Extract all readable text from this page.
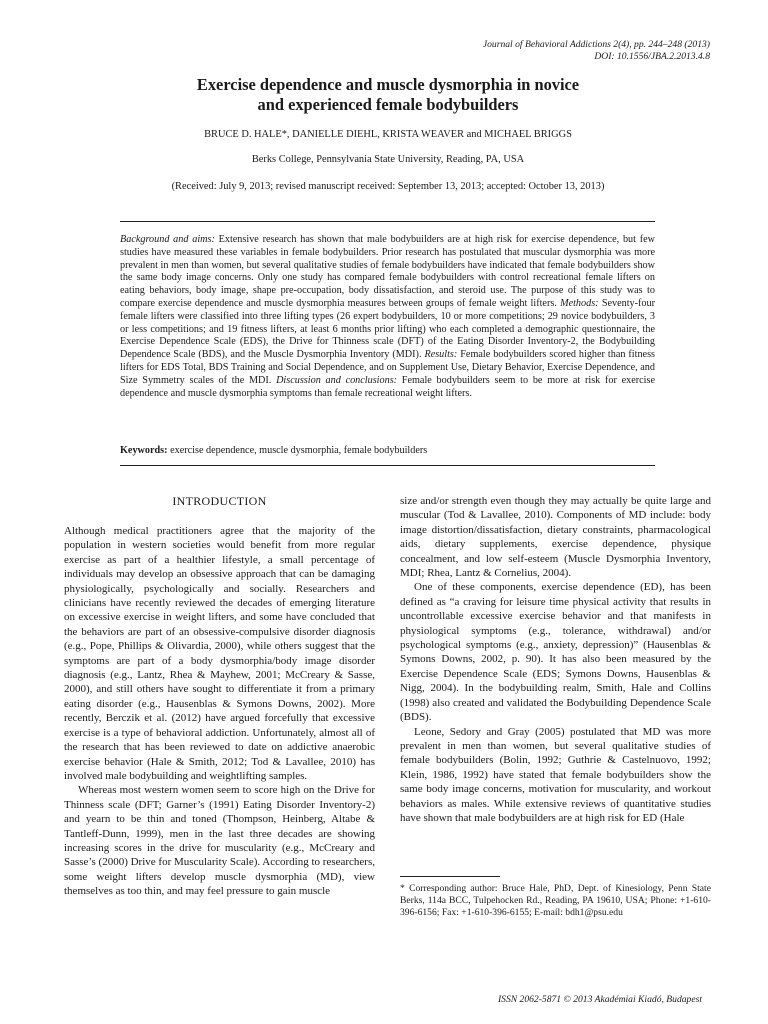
Journal of Behavioral Addictions 2(4), pp. 244–248 (2013)
DOI: 10.1556/JBA.2.2013.4.8
Exercise dependence and muscle dysmorphia in novice
and experienced female bodybuilders
BRUCE D. HALE*, DANIELLE DIEHL, KRISTA WEAVER and MICHAEL BRIGGS
Berks College, Pennsylvania State University, Reading, PA, USA
(Received: July 9, 2013; revised manuscript received: September 13, 2013; accepted: October 13, 2013)

Background and aims: Extensive research has shown that male bodybuilders are at high risk for exercise dependence, but few studies have measured these variables in female bodybuilders. Prior research has postulated that muscular dysmorphia was more prevalent in men than women, but several qualitative studies of female bodybuilders have indicated that female bodybuilders show the same body image concerns. Only one study has compared female bodybuilders with control recreational female lifters on eating behaviors, body image, shape pre-occupation, body dissatisfaction, and steroid use. The purpose of this study was to compare exercise dependence and muscle dysmorphia measures between groups of female weight lifters. Methods: Seventy-four female lifters were classified into three lifting types (26 expert bodybuilders, 10 or more competitions; 29 novice bodybuilders, 3 or less competitions; and 19 fitness lifters, at least 6 months prior lifting) who each completed a demographic questionnaire, the Exercise Dependence Scale (EDS), the Drive for Thinness scale (DFT) of the Eating Disorder Inventory-2, the Bodybuilding Dependence Scale (BDS), and the Muscle Dysmorphia Inventory (MDI). Results: Female bodybuilders scored higher than fitness lifters for EDS Total, BDS Training and Social Dependence, and on Supplement Use, Dietary Behavior, Exercise Dependence, and Size Symmetry scales of the MDI. Discussion and conclusions: Female bodybuilders seem to be more at risk for exercise dependence and muscle dysmorphia symptoms than female recreational weight lifters.

Keywords: exercise dependence, muscle dysmorphia, female bodybuilders
INTRODUCTION

Although medical practitioners agree that the majority of the population in western societies would benefit from more regular exercise as part of a healthier lifestyle, a small percentage of individuals may develop an obsessive approach that can be damaging physiologically, psychologically and socially. Researchers and clinicians have recently reviewed the decades of emerging literature on excessive exercise in weight lifters, and some have concluded that the behaviors are part of an obsessive-compulsive disorder diagnosis (e.g., Pope, Phillips & Olivardia, 2000), while others suggest that the symptoms are part of a body dysmorphia/body image disorder diagnosis (e.g., Lantz, Rhea & Mayhew, 2001; McCreary & Sasse, 2000), and still others have sought to differentiate it from a primary eating disorder (e.g., Hausenblas & Symons Downs, 2002). More recently, Berczik et al. (2012) have argued forcefully that excessive exercise is a type of behavioral addiction. Unfortunately, almost all of the research that has been reviewed to date on addictive anaerobic exercise behavior (Hale & Smith, 2012; Tod & Lavallee, 2010) has involved male bodybuilding and weightlifting samples.

Whereas most western women seem to score high on the Drive for Thinness scale (DFT; Garner’s (1991) Eating Disorder Inventory-2) and yearn to be thin and toned (Thompson, Heinberg, Altabe & Tantleff-Dunn, 1999), men in the last three decades are showing increasing scores in the drive for muscularity (e.g., McCreary and Sasse’s (2000) Drive for Muscularity Scale). According to researchers, some weight lifters develop muscle dysmorphia (MD), view themselves as too thin, and may feel pressure to gain muscle

size and/or strength even though they may actually be quite large and muscular (Tod & Lavallee, 2010). Components of MD include: body image distortion/dissatisfaction, dietary constraints, pharmacological aids, dietary supplements, exercise dependence, physique concealment, and low self-esteem (Muscle Dysmorphia Inventory, MDI; Rhea, Lantz & Cornelius, 2004).

One of these components, exercise dependence (ED), has been defined as “a craving for leisure time physical activity that results in uncontrollable excessive exercise behavior and that manifests in physiological symptoms (e.g., tolerance, withdrawal) and/or psychological symptoms (e.g., anxiety, depression)” (Hausenblas & Symons Downs, 2002, p. 90). It has also been measured by the Exercise Dependence Scale (EDS; Symons Downs, Hausenblas & Nigg, 2004). In the bodybuilding realm, Smith, Hale and Collins (1998) also created and validated the Bodybuilding Dependence Scale (BDS).

Leone, Sedory and Gray (2005) postulated that MD was more prevalent in men than women, but several qualitative studies of female bodybuilders (Bolin, 1992; Guthrie & Castelnuovo, 1992; Klein, 1986, 1992) have stated that female bodybuilders show the same body image concerns, motivation for muscularity, and workout behaviors as males. While extensive reviews of quantitative studies have shown that male bodybuilders are at high risk for ED (Hale

* Corresponding author: Bruce Hale, PhD, Dept. of Kinesiology, Penn State Berks, 114a BCC, Tulpehocken Rd., Reading, PA 19610, USA; Phone: +1-610-396-6156; Fax: +1-610-396-6155; E-mail: bdh1@psu.edu

ISSN 2062-5871 © 2013 Akadémiai Kiadó, Budapest
